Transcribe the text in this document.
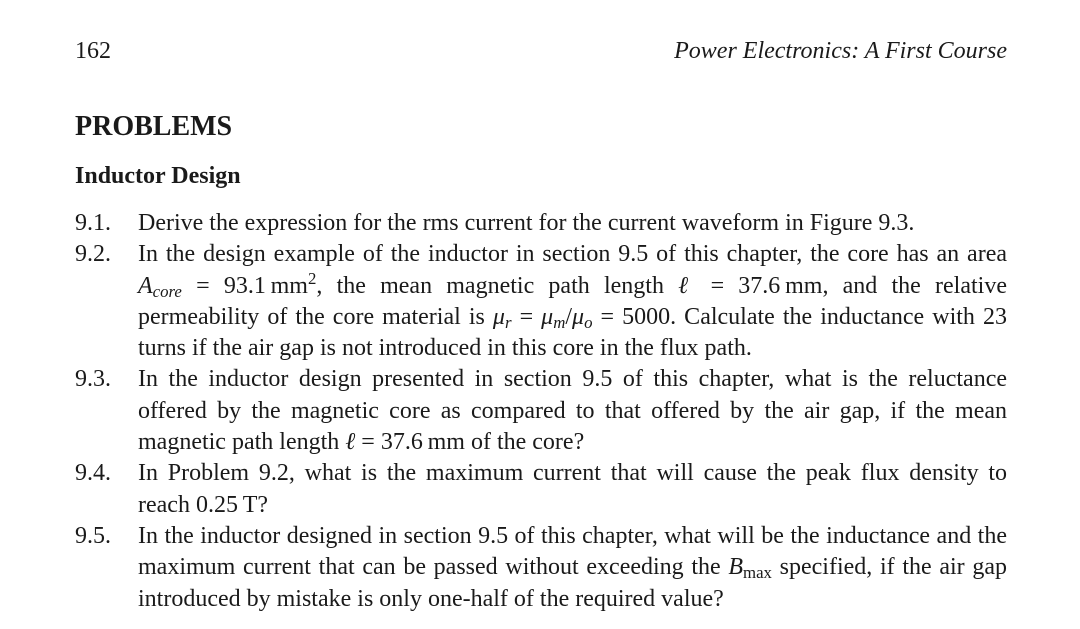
162	Power Electronics: A First Course
PROBLEMS
Inductor Design
9.1. Derive the expression for the rms current for the current waveform in Figure 9.3.
9.2. In the design example of the inductor in section 9.5 of this chapter, the core has an area $A_{core} = 93.1$ $mm^2$, the mean magnetic path length ℓ = 37.6 mm, and the relative permeability of the core material is $\mu_r = \mu_m/\mu_o = 5000$. Calculate the inductance with 23 turns if the air gap is not introduced in this core in the flux path.
9.3. In the inductor design presented in section 9.5 of this chapter, what is the reluctance offered by the magnetic core as compared to that offered by the air gap, if the mean magnetic path length ℓ = 37.6 mm of the core?
9.4. In Problem 9.2, what is the maximum current that will cause the peak flux density to reach 0.25 T?
9.5. In the inductor designed in section 9.5 of this chapter, what will be the inductance and the maximum current that can be passed without exceeding the $B_{max}$ specified, if the air gap introduced by mistake is only one-half of the required value?
